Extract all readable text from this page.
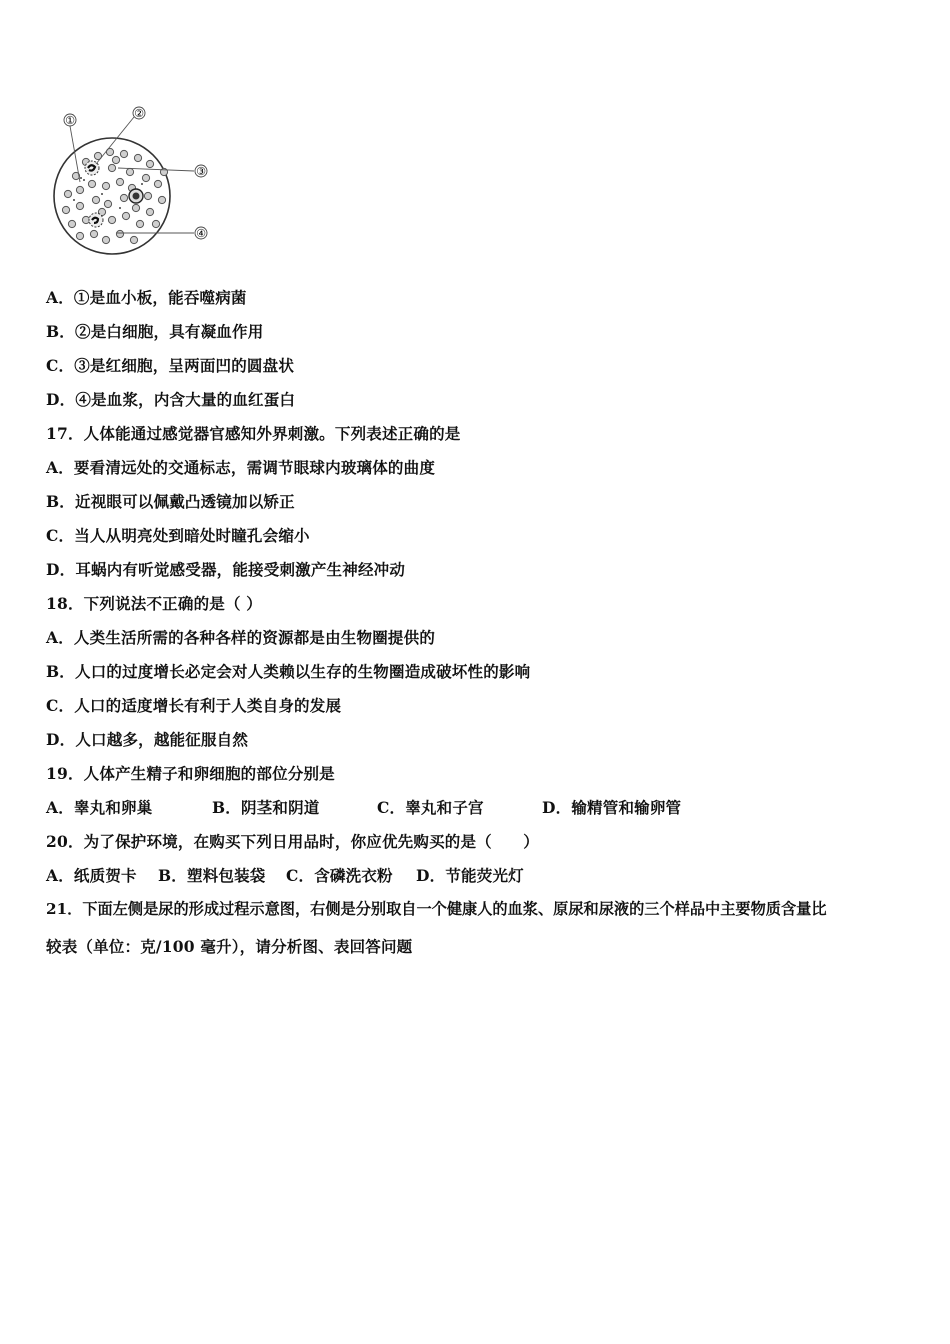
①
②
③
④
A．①是血小板，能吞噬病菌
B．②是白细胞，具有凝血作用
C．③是红细胞，呈两面凹的圆盘状
D．④是血浆，内含大量的血红蛋白
17．人体能通过感觉器官感知外界刺激。下列表述正确的是
A．要看清远处的交通标志，需调节眼球内玻璃体的曲度
B．近视眼可以佩戴凸透镜加以矫正
C．当人从明亮处到暗处时瞳孔会缩小
D．耳蜗内有听觉感受器，能接受刺激产生神经冲动
18．下列说法不正确的是（ ）
A．人类生活所需的各种各样的资源都是由生物圈提供的
B．人口的过度增长必定会对人类赖以生存的生物圈造成破坏性的影响
C．人口的适度增长有利于人类自身的发展
D．人口越多，越能征服自然
19．人体产生精子和卵细胞的部位分别是
A．睾丸和卵巢	B．阴茎和阴道	C．睾丸和子宫	D．输精管和输卵管
20．为了保护环境，在购买下列日用品时，你应优先购买的是（　　）
A．纸质贺卡 B．塑料包装袋 C．含磷洗衣粉 D．节能荧光灯
21．下面左侧是尿的形成过程示意图，右侧是分别取自一个健康人的血浆、原尿和尿液的三个样品中主要物质含量比
较表（单位：克/100 毫升），请分析图、表回答问题
